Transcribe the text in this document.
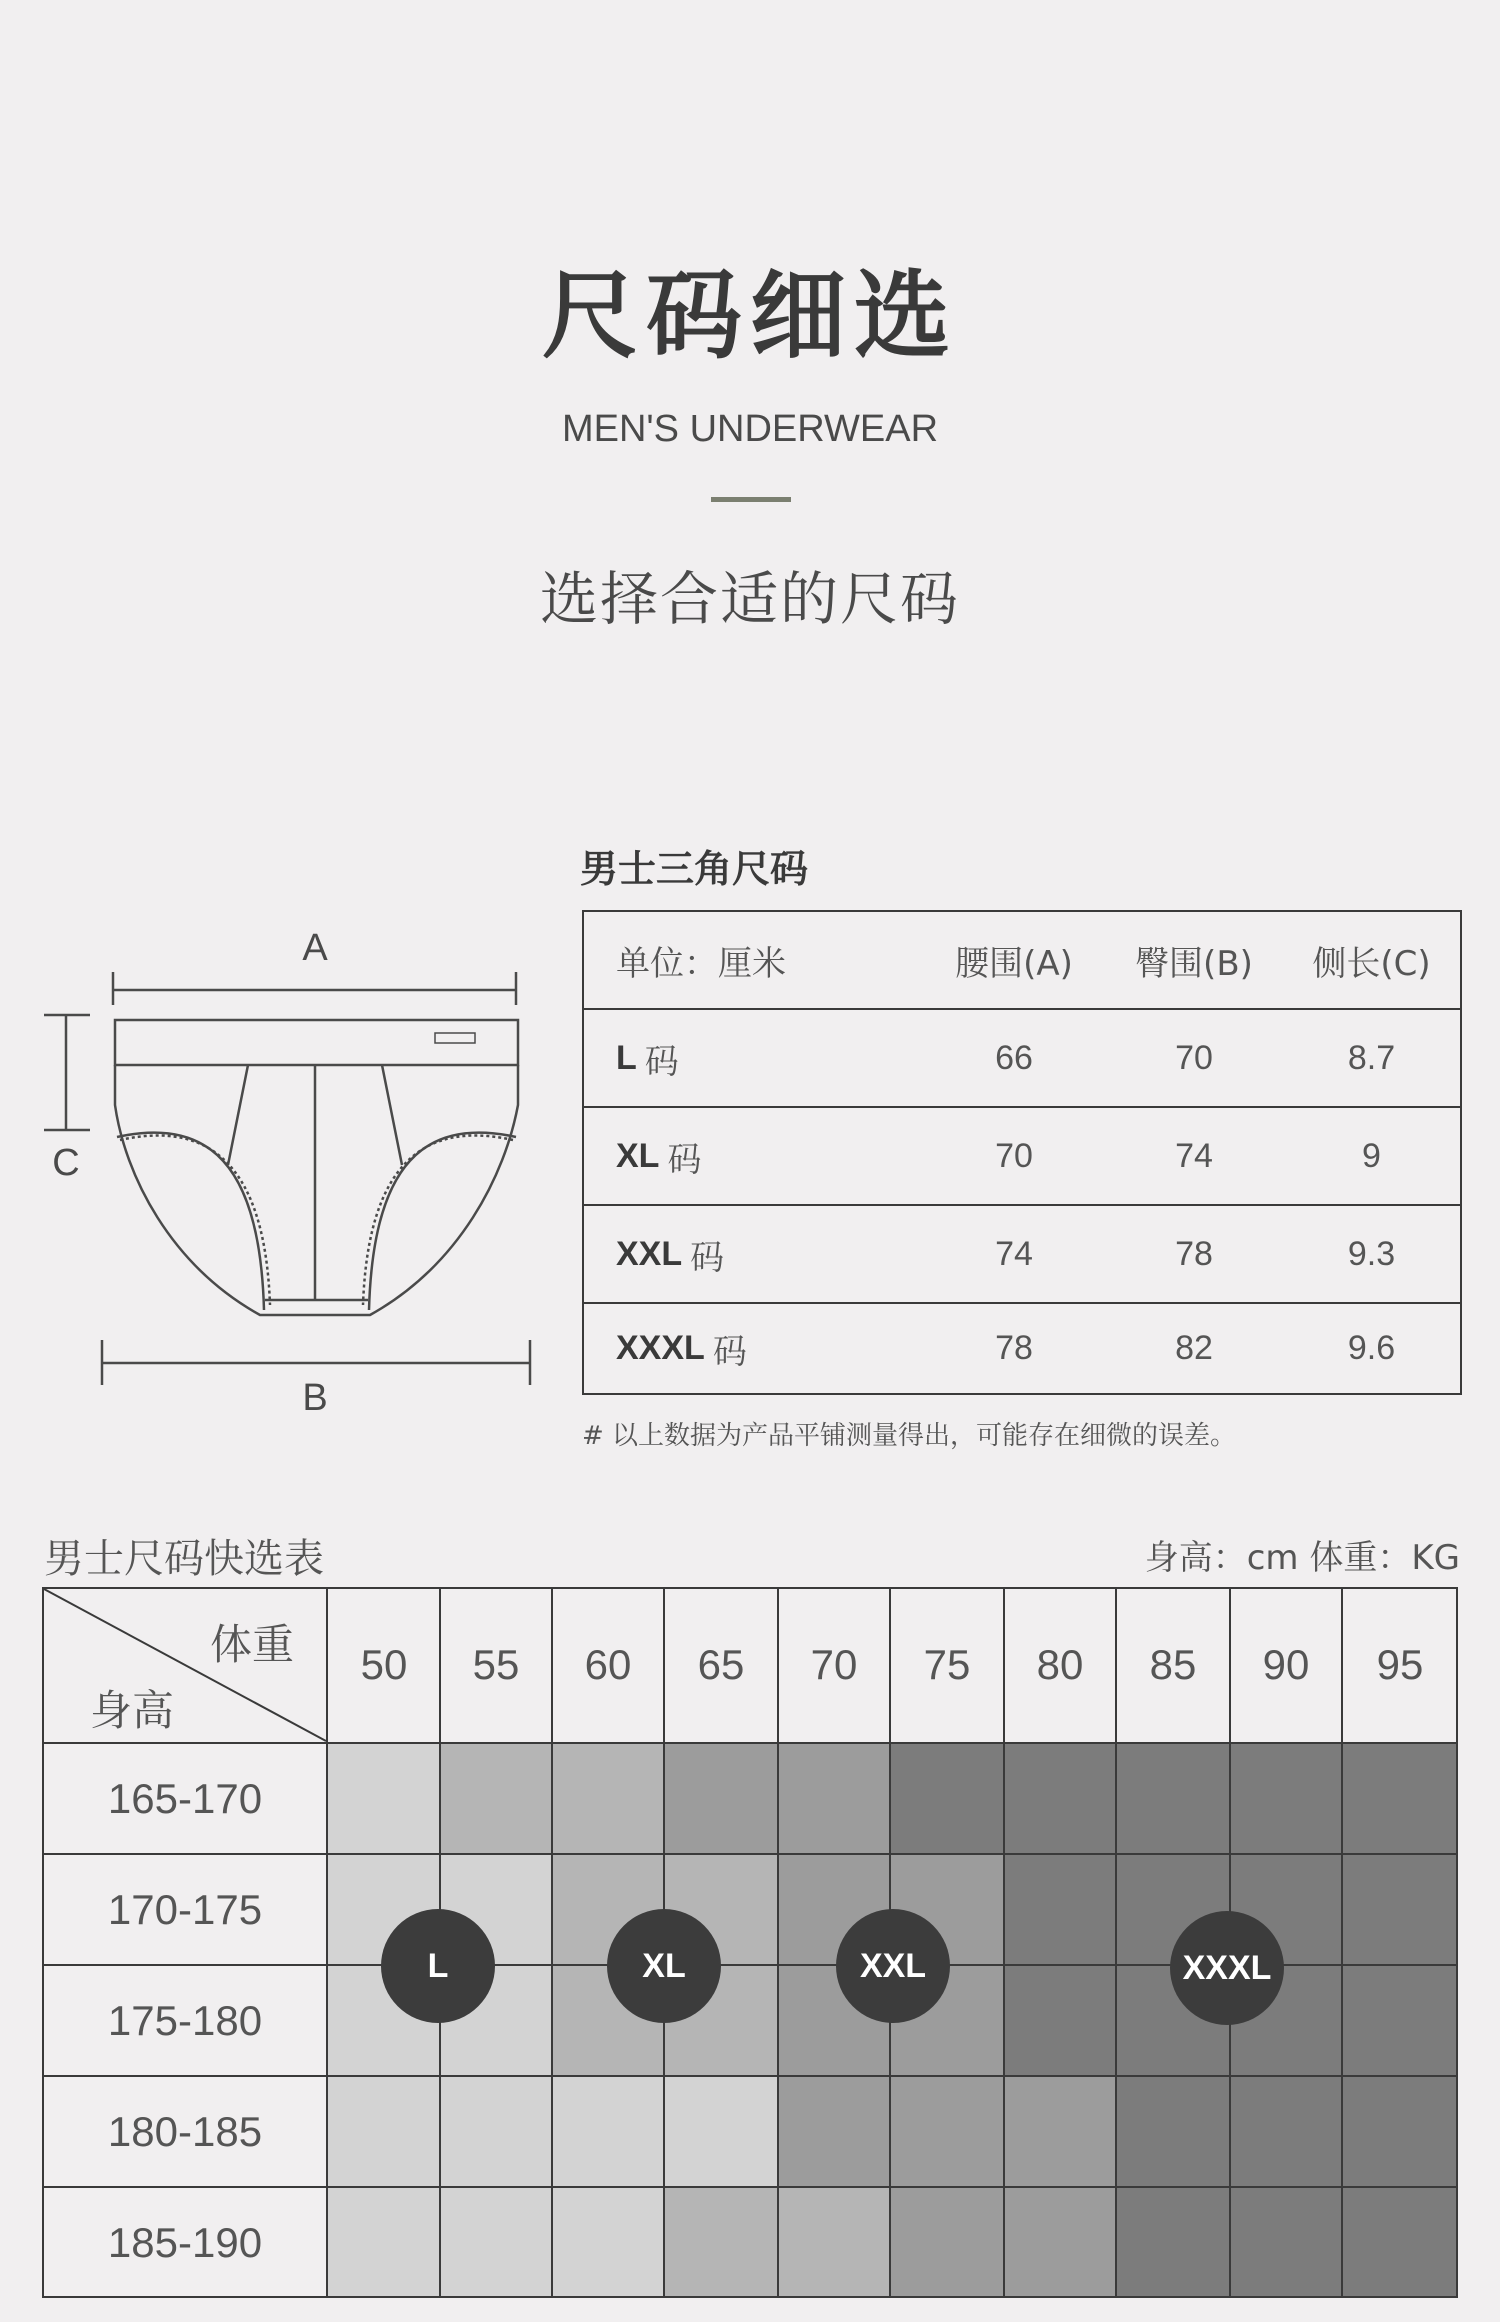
尺码细选
MEN'S UNDERWEAR
选择合适的尺码
A
C
B
男士三角尺码
单位：厘米	腰围(A)	臀围(B)	侧长(C)
L 码	66	70	8.7
XL 码	70	74	9
XXL 码	74	78	9.3
XXXL 码	78	82	9.6
# 以上数据为产品平铺测量得出，可能存在细微的误差。
男士尺码快选表	身高：cm 体重：KG
体重
身高
50	55	60	65	70	75	80	85	90	95
165-170
170-175
175-180
180-185
185-190
L	XL	XXL	XXXL
